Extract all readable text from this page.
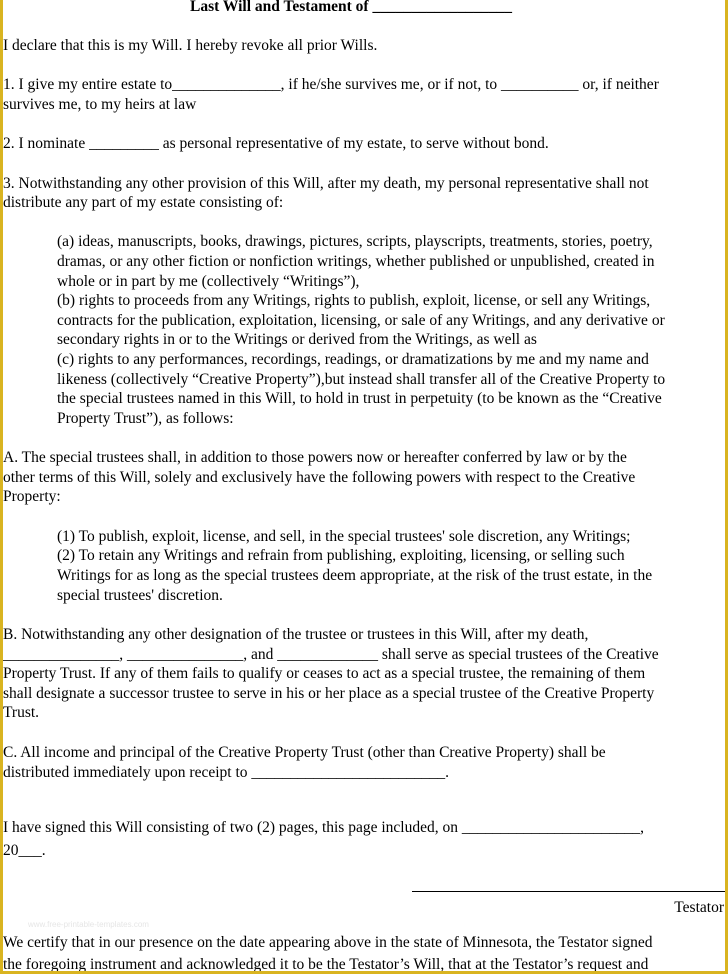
Last Will and Testament of __________________

I declare that this is my Will. I hereby revoke all prior Wills.

1. I give my entire estate to______________, if he/she survives me, or if not, to __________ or, if neither

survives me, to my heirs at law

2. I nominate _________ as personal representative of my estate, to serve without bond.

3. Notwithstanding any other provision of this Will, after my death, my personal representative shall not

distribute any part of my estate consisting of:

(a) ideas, manuscripts, books, drawings, pictures, scripts, playscripts, treatments, stories, poetry,

dramas, or any other fiction or nonfiction writings, whether published or unpublished, created in

whole or in part by me (collectively “Writings”),

(b) rights to proceeds from any Writings, rights to publish, exploit, license, or sell any Writings,

contracts for the publication, exploitation, licensing, or sale of any Writings, and any derivative or

secondary rights in or to the Writings or derived from the Writings, as well as

(c) rights to any performances, recordings, readings, or dramatizations by me and my name and

likeness (collectively “Creative Property”),but instead shall transfer all of the Creative Property to

the special trustees named in this Will, to hold in trust in perpetuity (to be known as the “Creative

Property Trust”), as follows:

A. The special trustees shall, in addition to those powers now or hereafter conferred by law or by the

other terms of this Will, solely and exclusively have the following powers with respect to the Creative

Property:

(1) To publish, exploit, license, and sell, in the special trustees' sole discretion, any Writings;

(2) To retain any Writings and refrain from publishing, exploiting, licensing, or selling such

Writings for as long as the special trustees deem appropriate, at the risk of the trust estate, in the

special trustees' discretion.

B. Notwithstanding any other designation of the trustee or trustees in this Will, after my death,

_______________, _______________, and _____________ shall serve as special trustees of the Creative

Property Trust. If any of them fails to qualify or ceases to act as a special trustee, the remaining of them

shall designate a successor trustee to serve in his or her place as a special trustee of the Creative Property

Trust.

C. All income and principal of the Creative Property Trust (other than Creative Property) shall be

distributed immediately upon receipt to _________________________.

I have signed this Will consisting of two (2) pages, this page included, on _______________________,

20___.

Testator

www.free-printable-templates.com

We certify that in our presence on the date appearing above in the state of Minnesota, the Testator signed

the foregoing instrument and acknowledged it to be the Testator’s Will, that at the Testator’s request and
